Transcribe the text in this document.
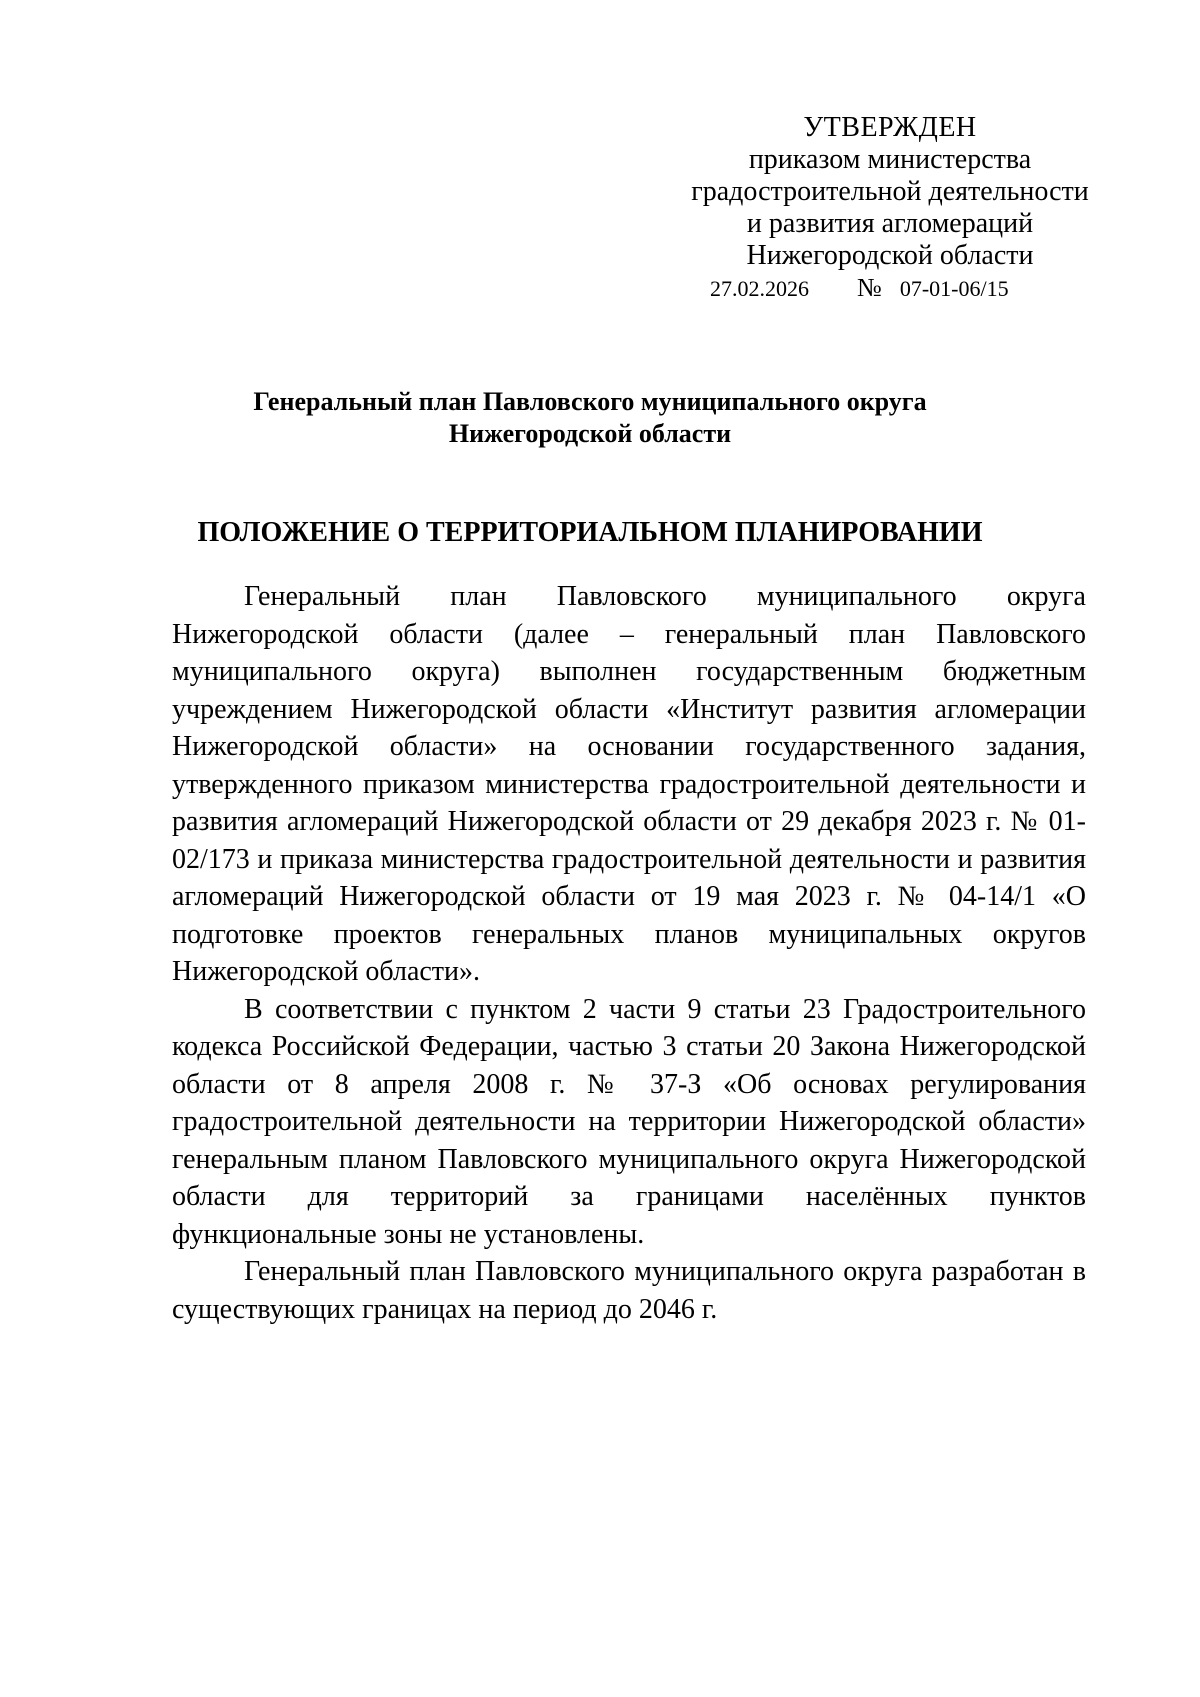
УТВЕРЖДЕН
приказом министерства
градостроительной деятельности
и развития агломераций
Нижегородской области
27.02.2026 № 07-01-06/15
Генеральный план Павловского муниципального округа
Нижегородской области
ПОЛОЖЕНИЕ О ТЕРРИТОРИАЛЬНОМ ПЛАНИРОВАНИИ

Генеральный план Павловского муниципального округа Нижегородской области (далее – генеральный план Павловского муниципального округа) выполнен государственным бюджетным учреждением Нижегородской области «Институт развития агломерации Нижегородской области» на основании государственного задания, утвержденного приказом министерства градостроительной деятельности и развития агломераций Нижегородской области от 29 декабря 2023 г. № 01-02/173 и приказа министерства градостроительной деятельности и развития агломераций Нижегородской области от 19 мая 2023 г. № 04-14/1 «О подготовке проектов генеральных планов муниципальных округов Нижегородской области».

В соответствии с пунктом 2 части 9 статьи 23 Градостроительного кодекса Российской Федерации, частью 3 статьи 20 Закона Нижегородской области от 8 апреля 2008 г. № 37-З «Об основах регулирования градостроительной деятельности на территории Нижегородской области» генеральным планом Павловского муниципального округа Нижегородской области для территорий за границами населённых пунктов функциональные зоны не установлены.

Генеральный план Павловского муниципального округа разработан в существующих границах на период до 2046 г.
